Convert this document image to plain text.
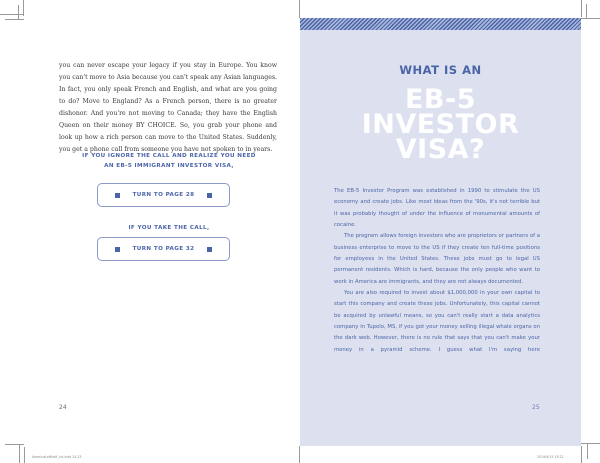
you can never escape your legacy if you stay in Europe. You know you can't move to Asia because you can't speak any Asian languages. In fact, you only speak French and English, and what are you going to do? Move to England? As a French person, there is no greater dishonor. And you're not moving to Canada; they have the English Queen on their money BY CHOICE. So, you grab your phone and look up how a rich person can move to the United States. Suddenly, you get a phone call from someone you have not spoken to in years.
IF YOU IGNORE THE CALL AND REALIZE YOU NEED
AN EB-5 IMMIGRANT INVESTOR VISA,
TURN TO PAGE 28
IF YOU TAKE THE CALL,
TURN TO PAGE 32
24
AmericaLeftHalf_int.indd 24-25
WHAT IS AN
EB-5
INVESTOR
VISA?

The EB-5 Investor Program was established in 1990 to stimulate the US economy and create jobs. Like most ideas from the '90s, it's not terrible but it was probably thought of under the influence of monumental amounts of cocaine.

The program allows foreign investors who are proprietors or partners of a business enterprise to move to the US if they create ten full-time positions for employees in the United States. These jobs must go to legal US permanent residents. Which is hard, because the only people who want to work in America are immigrants, and they are not always documented.

You are also required to invest about $1,000,000 in your own capital to start this company and create these jobs. Unfortunately, this capital cannot be acquired by unlawful means, so you can't really start a data analytics company in Tupelo, MS, if you got your money selling illegal whale organs on the dark web. However, there is no rule that says that you can't make your money in a pyramid scheme. I guess what I'm saying here

25
2019/9/15 13:22
